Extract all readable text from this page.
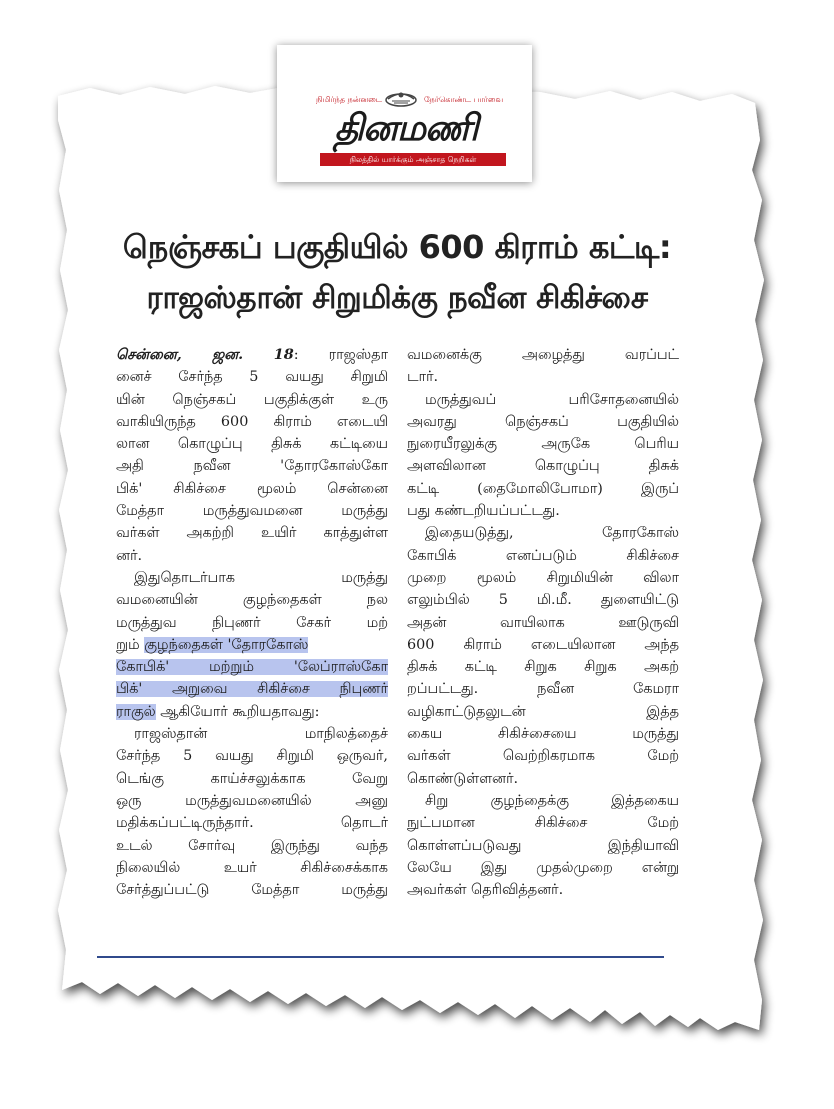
நிமிர்ந்த நன்னடை	நேர்கொண்ட பார்வை
தினமணி
நிலத்தில் யார்க்கும் அஞ்சாத நெறிகள்
நெஞ்சகப் பகுதியில் 600 கிராம் கட்டி:
ராஜஸ்தான் சிறுமிக்கு நவீன சிகிச்சை
சென்னை, ஜன. 18: ராஜஸ்தா
னைச் சேர்ந்த 5 வயது சிறுமி
யின் நெஞ்சகப் பகுதிக்குள் உரு
வாகியிருந்த 600 கிராம் எடையி
லான கொழுப்பு திசுக் கட்டியை
அதி நவீன 'தோரகோஸ்கோ
பிக்' சிகிச்சை மூலம் சென்னை
மேத்தா மருத்துவமனை மருத்து
வர்கள் அகற்றி உயிர் காத்துள்ள
னர்.
இதுதொடர்பாக மருத்து
வமனையின் குழந்தைகள் நல
மருத்துவ நிபுணர் சேகர் மற்
றும் குழந்தைகள் 'தோரகோஸ்
கோபிக்' மற்றும் 'லேப்ராஸ்கோ
பிக்' அறுவை சிகிச்சை நிபுணர்
ராகுல் ஆகியோர் கூறியதாவது:
ராஜஸ்தான் மாநிலத்தைச்
சேர்ந்த 5 வயது சிறுமி ஒருவர்,
டெங்கு காய்ச்சலுக்காக வேறு
ஒரு மருத்துவமனையில் அனு
மதிக்கப்பட்டிருந்தார். தொடர்
உடல் சோர்வு இருந்து வந்த
நிலையில் உயர் சிகிச்சைக்காக
சேர்த்துப்பட்டு மேத்தா மருத்து
வமனைக்கு அழைத்து வரப்பட்
டார்.
மருத்துவப் பரிசோதனையில்
அவரது நெஞ்சகப் பகுதியில்
நுரையீரலுக்கு அருகே பெரிய
அளவிலான கொழுப்பு திசுக்
கட்டி (தைமோலிபோமா) இருப்
பது கண்டறியப்பட்டது.
இதையடுத்து, தோரகோஸ்
கோபிக் எனப்படும் சிகிச்சை
முறை மூலம் சிறுமியின் விலா
எலும்பில் 5 மி.மீ. துளையிட்டு
அதன் வாயிலாக ஊடுருவி
600 கிராம் எடையிலான அந்த
திசுக் கட்டி சிறுக சிறுக அகற்
றப்பட்டது. நவீன கேமரா
வழிகாட்டுதலுடன் இத்த
கைய சிகிச்சையை மருத்து
வர்கள் வெற்றிகரமாக மேற்
கொண்டுள்ளனர்.
சிறு குழந்தைக்கு இத்தகைய
நுட்பமான சிகிச்சை மேற்
கொள்ளப்படுவது இந்தியாவி
லேயே இது முதல்முறை என்று
அவர்கள் தெரிவித்தனர்.
